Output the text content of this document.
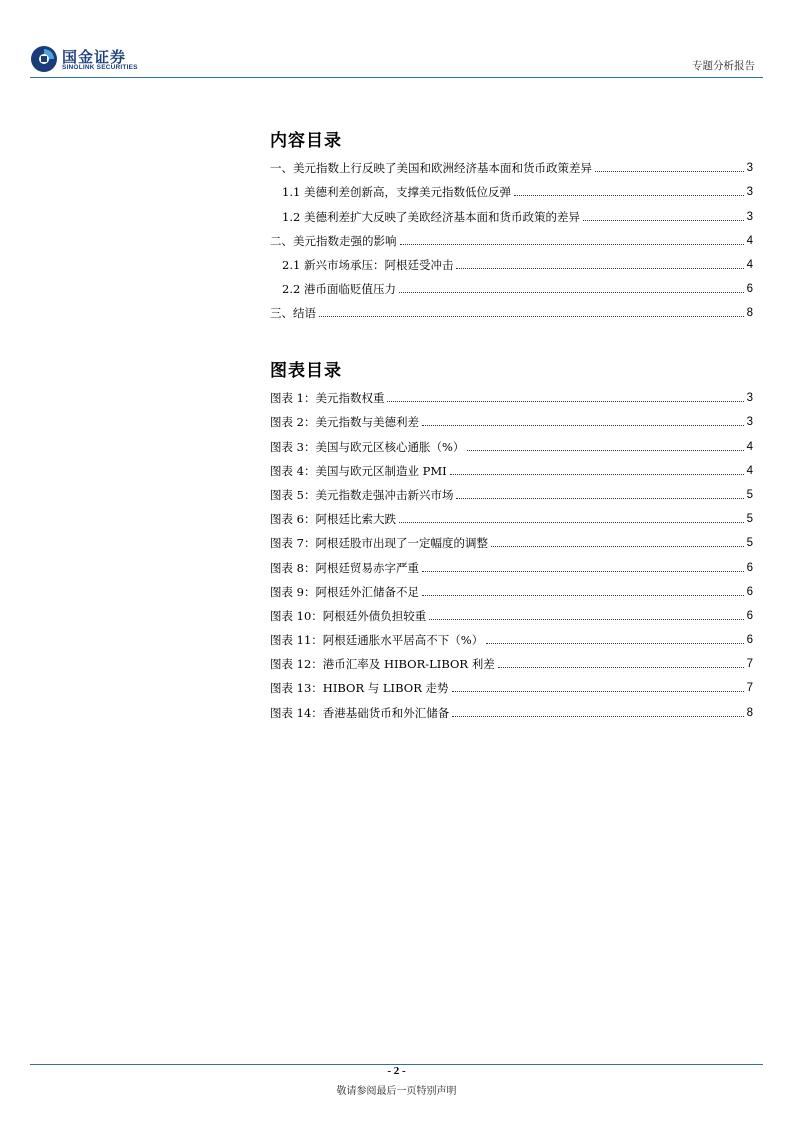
国金证券
SINOLINK SECURITIES	专题分析报告
内容目录
一、美元指数上行反映了美国和欧洲经济基本面和货币政策差异	3
1.1 美德利差创新高，支撑美元指数低位反弹	3
1.2 美德利差扩大反映了美欧经济基本面和货币政策的差异	3
二、美元指数走强的影响	4
2.1 新兴市场承压：阿根廷受冲击	4
2.2 港币面临贬值压力	6
三、结语	8
图表目录
图表 1：美元指数权重	3
图表 2：美元指数与美德利差	3
图表 3：美国与欧元区核心通胀（%）	4
图表 4：美国与欧元区制造业 PMI	4
图表 5：美元指数走强冲击新兴市场	5
图表 6：阿根廷比索大跌	5
图表 7：阿根廷股市出现了一定幅度的调整	5
图表 8：阿根廷贸易赤字严重	6
图表 9：阿根廷外汇储备不足	6
图表 10：阿根廷外债负担较重	6
图表 11：阿根廷通胀水平居高不下（%）	6
图表 12：港币汇率及 HIBOR-LIBOR 利差	7
图表 13：HIBOR 与 LIBOR 走势	7
图表 14：香港基础货币和外汇储备	8
- 2 -
敬请参阅最后一页特别声明
